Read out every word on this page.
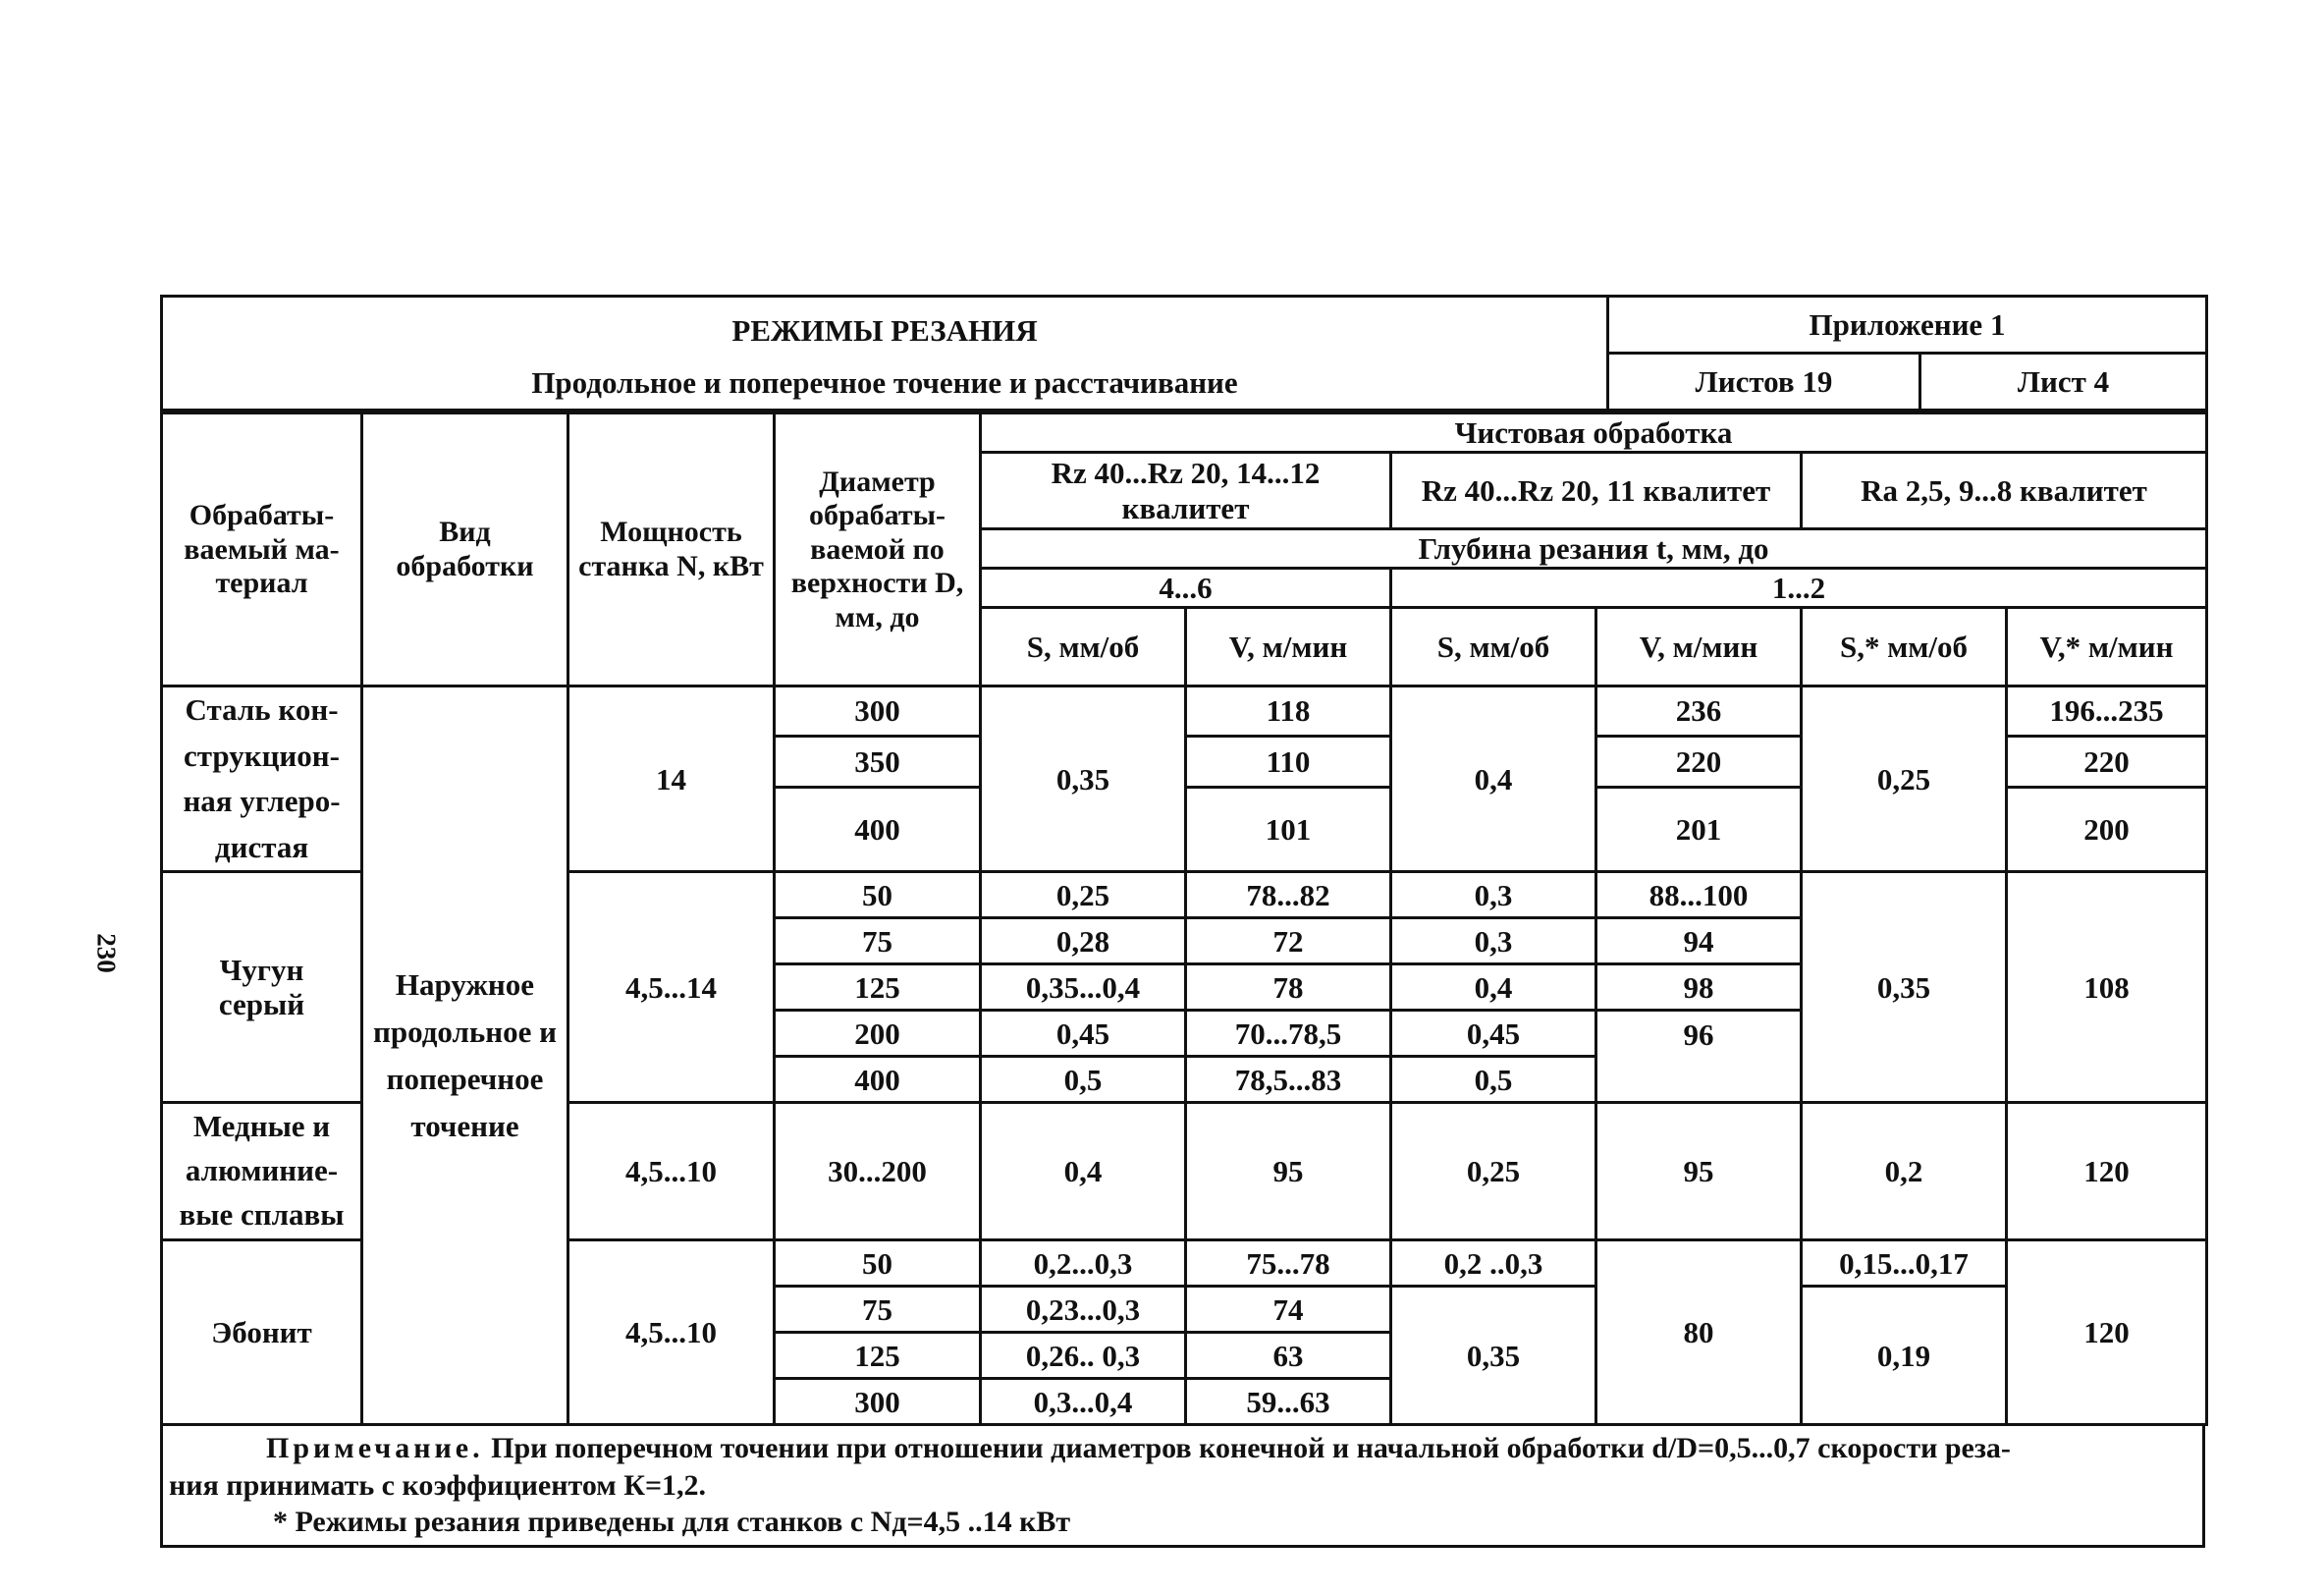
230
РЕЖИМЫ РЕЗАНИЯ
Продольное и поперечное точение и расстачивание	Приложение 1	
	Листов 19	Лист 4
Обрабаты-ваемый ма-териал	Вид обработки	Мощность станка N, кВт	Диаметр обрабаты-ваемой по верхности D, мм, до	Чистовая обработка					
				Rz 40...Rz 20, 14...12 квалитет		Rz 40...Rz 20, 11 квалитет		Ra 2,5, 9...8 квалитет	
				Глубина резания t, мм, до					
				4...6		1...2			
				S, мм/об	V, м/мин	S, мм/об	V, м/мин	S,* мм/об	V,* м/мин
Сталь кон-струкцион-ная углеро-дистая	Наружное продольное и поперечное точение	14	300	0,35	118	0,4	236	0,25	196...235
			350		110		220		220
			400		101		201		200
Чугун серый		4,5...14	50	0,25	78...82	0,3	88...100	0,35	108
			75	0,28	72	0,3	94		
			125	0,35...0,4	78	0,4	98		
			200	0,45	70...78,5	0,45	96		
			400	0,5	78,5...83	0,5			
Медные и алюминие-вые сплавы		4,5...10	30...200	0,4	95	0,25	95	0,2	120
Эбонит		4,5...10	50	0,2...0,3	75...78	0,2 ..0,3	80	0,15...0,17	120
			75	0,23...0,3	74	0,35		0,19	
			125	0,26.. 0,3	63				
			300	0,3...0,4	59...63				

Примечание. При поперечном точении при отношении диаметров конечной и начальной обработки d/D=0,5...0,7 скорости реза-

ния принимать с коэффициентом К=1,2.

* Режимы резания приведены для станков с Nд=4,5 ..14 кВт
